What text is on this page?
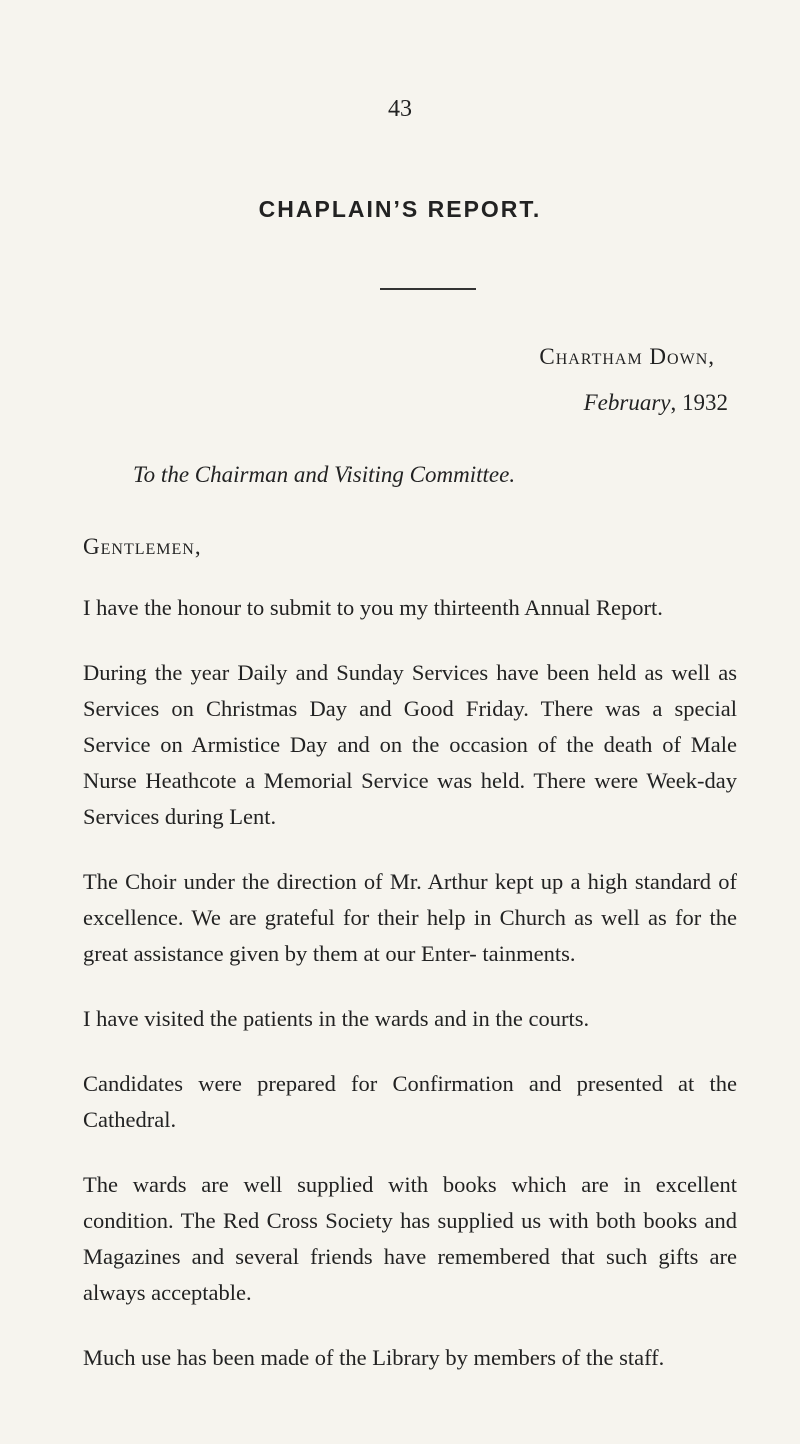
43
CHAPLAIN’S REPORT.
Chartham Down,
February, 1932
To the Chairman and Visiting Committee.
Gentlemen,

I have the honour to submit to you my thirteenth Annual Report.

During the year Daily and Sunday Services have been held as well as Services on Christmas Day and Good Friday. There was a special Service on Armistice Day and on the occasion of the death of Male Nurse Heathcote a Memorial Service was held. There were Week-day Services during Lent.

The Choir under the direction of Mr. Arthur kept up a high standard of excellence. We are grateful for their help in Church as well as for the great assistance given by them at our Enter- tainments.

I have visited the patients in the wards and in the courts.

Candidates were prepared for Confirmation and presented at the Cathedral.

The wards are well supplied with books which are in excellent condition. The Red Cross Society has supplied us with both books and Magazines and several friends have remembered that such gifts are always acceptable.

Much use has been made of the Library by members of the staff.
